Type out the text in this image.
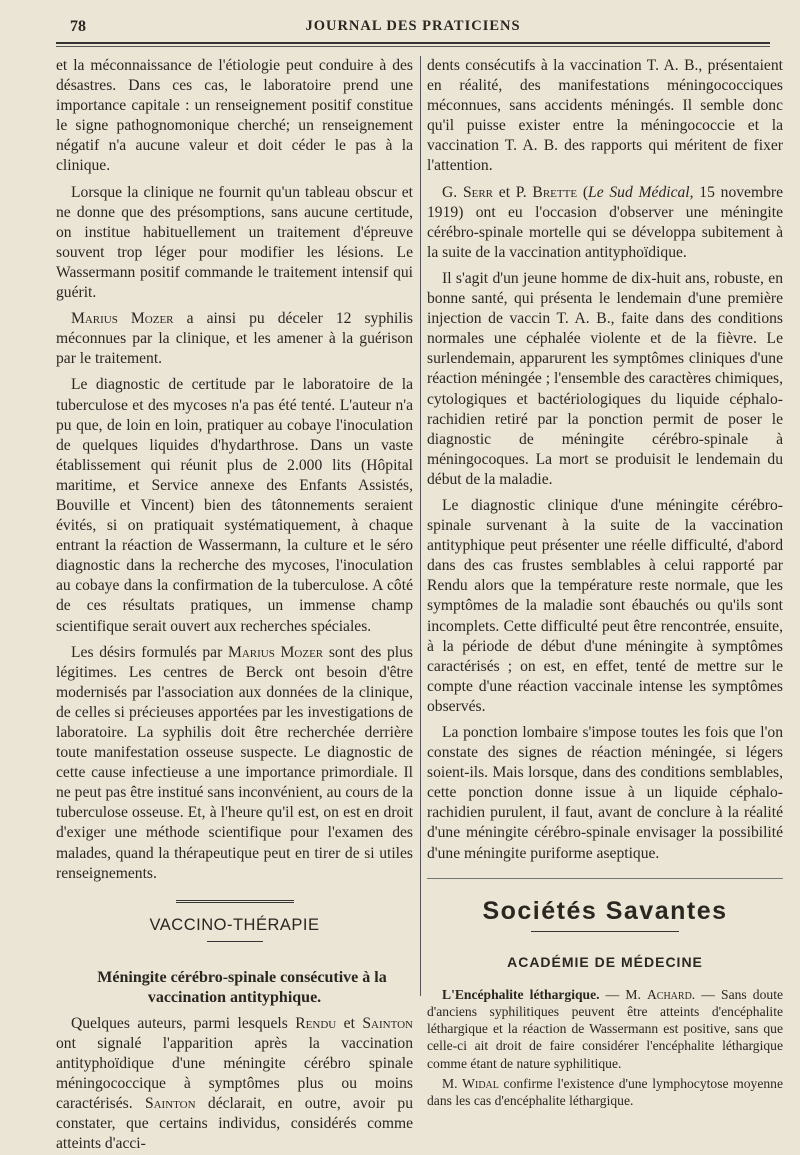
78	JOURNAL DES PRATICIENS

et la méconnaissance de l'étiologie peut conduire à des désastres. Dans ces cas, le laboratoire prend une importance capitale : un renseignement positif constitue le signe pathognomonique cherché; un renseignement négatif n'a aucune valeur et doit céder le pas à la clinique.

Lorsque la clinique ne fournit qu'un tableau obscur et ne donne que des présomptions, sans aucune certitude, on institue habituellement un traitement d'épreuve souvent trop léger pour modifier les lésions. Le Wassermann positif commande le traitement intensif qui guérit.

Marius Mozer a ainsi pu déceler 12 syphilis méconnues par la clinique, et les amener à la guérison par le traitement.

Le diagnostic de certitude par le laboratoire de la tuberculose et des mycoses n'a pas été tenté. L'auteur n'a pu que, de loin en loin, pratiquer au cobaye l'inoculation de quelques liquides d'hydarthrose. Dans un vaste établissement qui réunit plus de 2.000 lits (Hôpital maritime, et Service annexe des Enfants Assistés, Bouville et Vincent) bien des tâtonnements seraient évités, si on pratiquait systématiquement, à chaque entrant la réaction de Wassermann, la culture et le séro diagnostic dans la recherche des mycoses, l'inoculation au cobaye dans la confirmation de la tuberculose. A côté de ces résultats pratiques, un immense champ scientifique serait ouvert aux recherches spéciales.

Les désirs formulés par Marius Mozer sont des plus légitimes. Les centres de Berck ont besoin d'être modernisés par l'association aux données de la clinique, de celles si précieuses apportées par les investigations de laboratoire. La syphilis doit être recherchée derrière toute manifestation osseuse suspecte. Le diagnostic de cette cause infectieuse a une importance primordiale. Il ne peut pas être institué sans inconvénient, au cours de la tuberculose osseuse. Et, à l'heure qu'il est, on est en droit d'exiger une méthode scientifique pour l'examen des malades, quand la thérapeutique peut en tirer de si utiles renseignements.

VACCINO-THÉRAPIE

Méningite cérébro-spinale consécutive à la vaccination antityphique.

Quelques auteurs, parmi lesquels Rendu et Sainton ont signalé l'apparition après la vaccination antityphoïdique d'une méningite cérébro spinale méningococcique à symptômes plus ou moins caractérisés. Sainton déclarait, en outre, avoir pu constater, que certains individus, considérés comme atteints d'acci-

dents consécutifs à la vaccination T. A. B., présentaient en réalité, des manifestations méningococciques méconnues, sans accidents méningés. Il semble donc qu'il puisse exister entre la méningococcie et la vaccination T. A. B. des rapports qui méritent de fixer l'attention.

G. Serr et P. Brette (Le Sud Médical, 15 novembre 1919) ont eu l'occasion d'observer une méningite cérébro-spinale mortelle qui se développa subitement à la suite de la vaccination antityphoïdique.

Il s'agit d'un jeune homme de dix-huit ans, robuste, en bonne santé, qui présenta le lendemain d'une première injection de vaccin T. A. B., faite dans des conditions normales une céphalée violente et de la fièvre. Le surlendemain, apparurent les symptômes cliniques d'une réaction méningée ; l'ensemble des caractères chimiques, cytologiques et bactériologiques du liquide céphalo-rachidien retiré par la ponction permit de poser le diagnostic de méningite cérébro-spinale à méningocoques. La mort se produisit le lendemain du début de la maladie.

Le diagnostic clinique d'une méningite cérébro-spinale survenant à la suite de la vaccination antityphique peut présenter une réelle difficulté, d'abord dans des cas frustes semblables à celui rapporté par Rendu alors que la température reste normale, que les symptômes de la maladie sont ébauchés ou qu'ils sont incomplets. Cette difficulté peut être rencontrée, ensuite, à la période de début d'une méningite à symptômes caractérisés ; on est, en effet, tenté de mettre sur le compte d'une réaction vaccinale intense les symptômes observés.

La ponction lombaire s'impose toutes les fois que l'on constate des signes de réaction méningée, si légers soient-ils. Mais lorsque, dans des conditions semblables, cette ponction donne issue à un liquide céphalo-rachidien purulent, il faut, avant de conclure à la réalité d'une méningite cérébro-spinale envisager la possibilité d'une méningite puriforme aseptique.

Sociétés Savantes
ACADÉMIE DE MÉDECINE

L'Encéphalite léthargique. — M. Achard. — Sans doute d'anciens syphilitiques peuvent être atteints d'encéphalite léthargique et la réaction de Wassermann est positive, sans que celle-ci ait droit de faire considérer l'encéphalite léthargique comme étant de nature syphilitique.

M. Widal confirme l'existence d'une lymphocytose moyenne dans les cas d'encéphalite léthargique.
